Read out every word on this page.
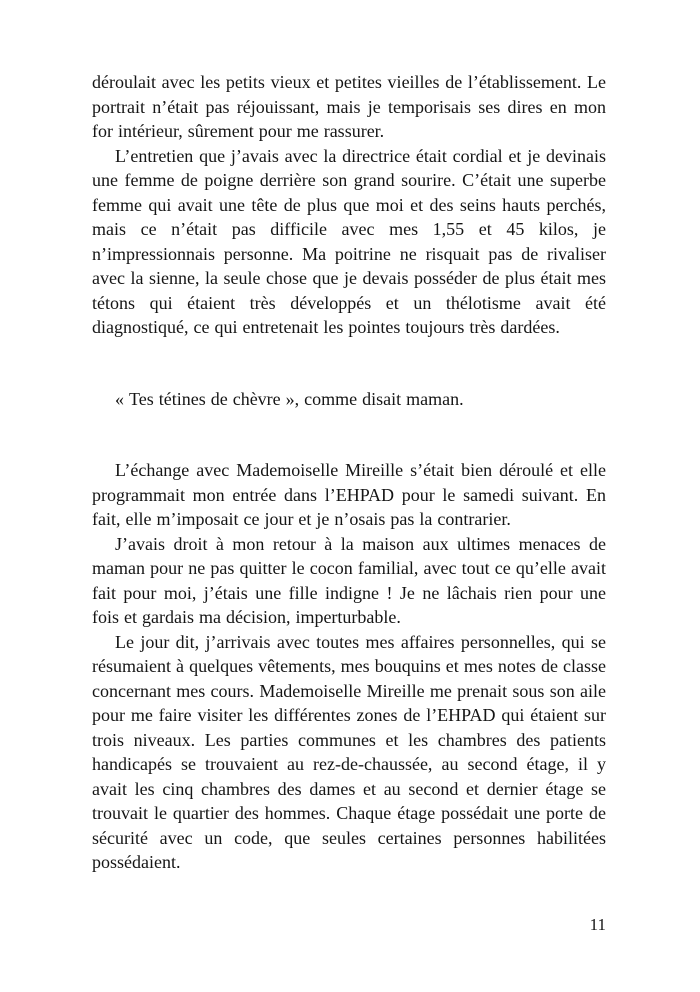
déroulait avec les petits vieux et petites vieilles de l’établissement. Le portrait n’était pas réjouissant, mais je temporisais ses dires en mon for intérieur, sûrement pour me rassurer.

L’entretien que j’avais avec la directrice était cordial et je devinais une femme de poigne derrière son grand sourire. C’était une superbe femme qui avait une tête de plus que moi et des seins hauts perchés, mais ce n’était pas difficile avec mes 1,55 et 45 kilos, je n’impressionnais personne. Ma poitrine ne risquait pas de rivaliser avec la sienne, la seule chose que je devais posséder de plus était mes tétons qui étaient très développés et un thélotisme avait été diagnostiqué, ce qui entretenait les pointes toujours très dardées.

« Tes tétines de chèvre », comme disait maman.

L’échange avec Mademoiselle Mireille s’était bien déroulé et elle programmait mon entrée dans l’EHPAD pour le samedi suivant. En fait, elle m’imposait ce jour et je n’osais pas la contrarier.

J’avais droit à mon retour à la maison aux ultimes menaces de maman pour ne pas quitter le cocon familial, avec tout ce qu’elle avait fait pour moi, j’étais une fille indigne ! Je ne lâchais rien pour une fois et gardais ma décision, imperturbable.

Le jour dit, j’arrivais avec toutes mes affaires personnelles, qui se résumaient à quelques vêtements, mes bouquins et mes notes de classe concernant mes cours. Mademoiselle Mireille me prenait sous son aile pour me faire visiter les différentes zones de l’EHPAD qui étaient sur trois niveaux. Les parties communes et les chambres des patients handicapés se trouvaient au rez-de-chaussée, au second étage, il y avait les cinq chambres des dames et au second et dernier étage se trouvait le quartier des hommes. Chaque étage possédait une porte de sécurité avec un code, que seules certaines personnes habilitées possédaient.

11
